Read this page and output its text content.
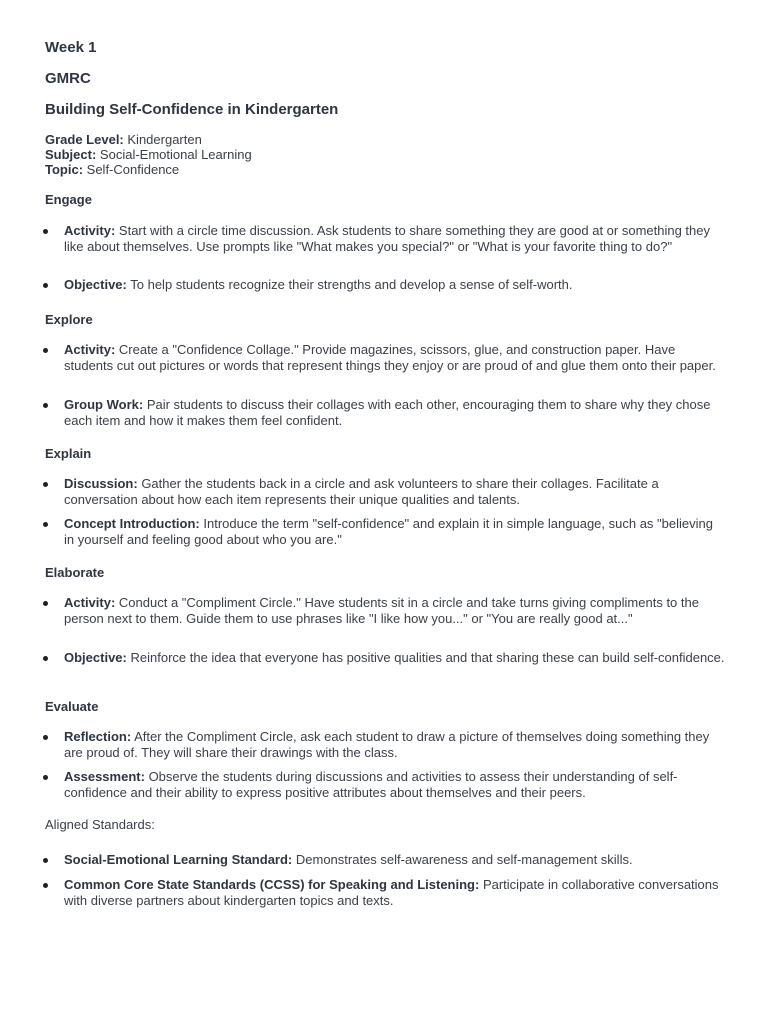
Week 1
GMRC
Building Self-Confidence in Kindergarten
Grade Level: Kindergarten
Subject: Social-Emotional Learning
Topic: Self-Confidence
Engage
Activity: Start with a circle time discussion. Ask students to share something they are good at or something they like about themselves. Use prompts like "What makes you special?" or "What is your favorite thing to do?"
Objective: To help students recognize their strengths and develop a sense of self-worth.
Explore
Activity: Create a "Confidence Collage." Provide magazines, scissors, glue, and construction paper. Have students cut out pictures or words that represent things they enjoy or are proud of and glue them onto their paper.
Group Work: Pair students to discuss their collages with each other, encouraging them to share why they chose each item and how it makes them feel confident.
Explain
Discussion: Gather the students back in a circle and ask volunteers to share their collages. Facilitate a conversation about how each item represents their unique qualities and talents.
Concept Introduction: Introduce the term "self-confidence" and explain it in simple language, such as "believing in yourself and feeling good about who you are."
Elaborate
Activity: Conduct a "Compliment Circle." Have students sit in a circle and take turns giving compliments to the person next to them. Guide them to use phrases like "I like how you..." or "You are really good at..."
Objective: Reinforce the idea that everyone has positive qualities and that sharing these can build self-confidence.
Evaluate
Reflection: After the Compliment Circle, ask each student to draw a picture of themselves doing something they are proud of. They will share their drawings with the class.
Assessment: Observe the students during discussions and activities to assess their understanding of self-confidence and their ability to express positive attributes about themselves and their peers.
Aligned Standards:
Social-Emotional Learning Standard: Demonstrates self-awareness and self-management skills.
Common Core State Standards (CCSS) for Speaking and Listening: Participate in collaborative conversations with diverse partners about kindergarten topics and texts.
